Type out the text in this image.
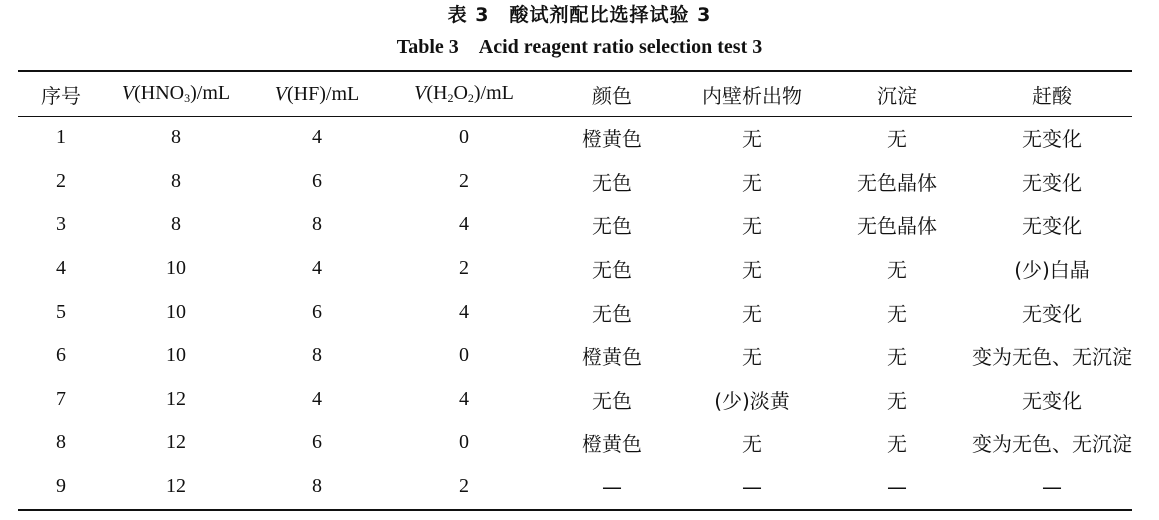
表 3　酸试剂配比选择试验 3
Table 3　Acid reagent ratio selection test 3
序号	$V(HNO_3)/mL$	V(HF)/mL	$V(H_2O_2)/mL$	颜色	内壁析出物	沉淀	赶酸
1	8	4	0	橙黄色	无	无	无变化
2	8	6	2	无色	无	无色晶体	无变化
3	8	8	4	无色	无	无色晶体	无变化
4	10	4	2	无色	无	无	(少)白晶
5	10	6	4	无色	无	无	无变化
6	10	8	0	橙黄色	无	无	变为无色、无沉淀
7	12	4	4	无色	(少)淡黄	无	无变化
8	12	6	0	橙黄色	无	无	变为无色、无沉淀
9	12	8	2	—	—	—	—
